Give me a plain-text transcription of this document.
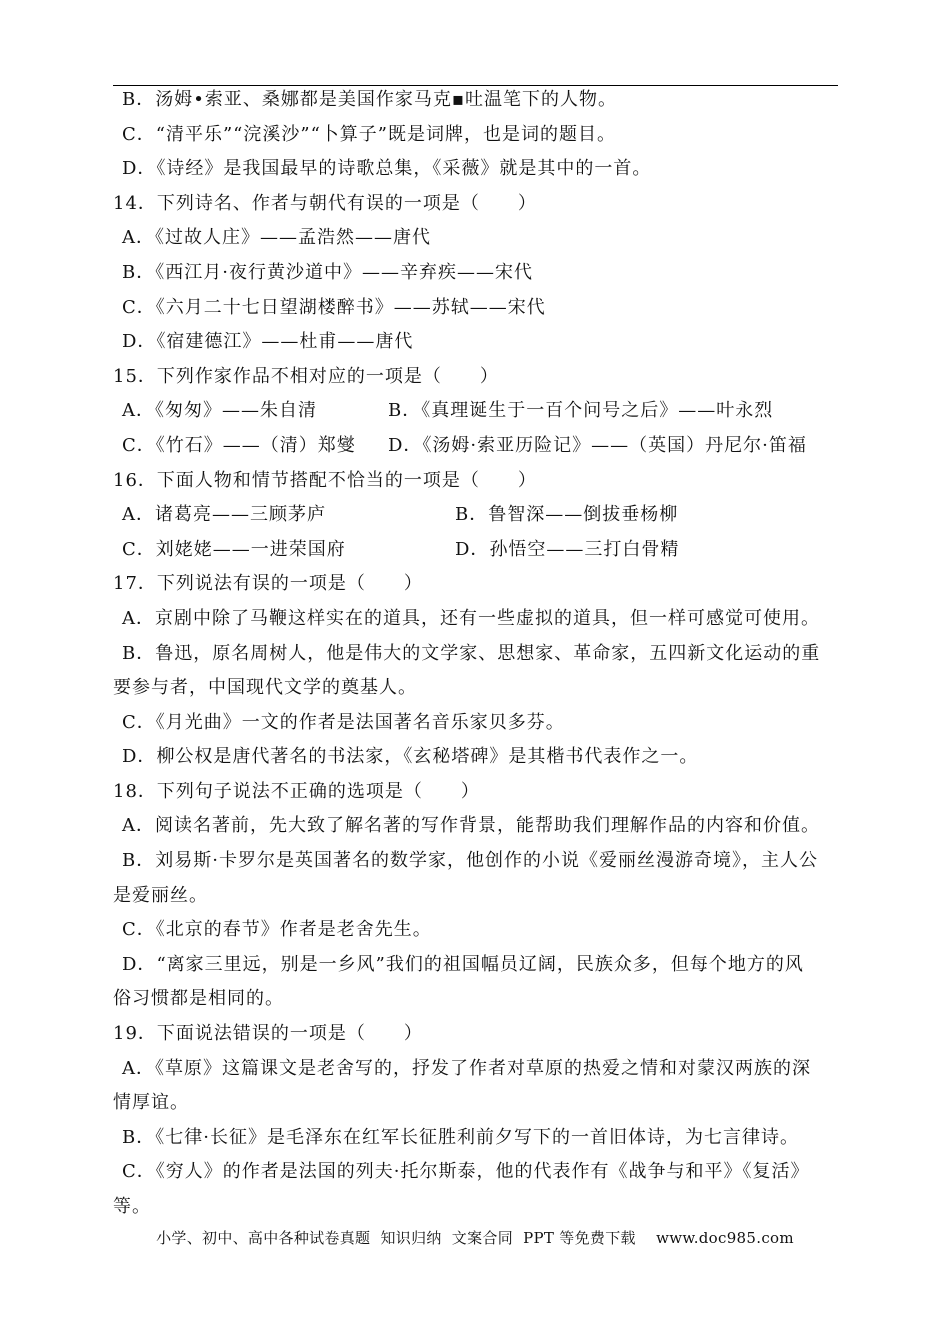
B．汤姆•索亚、桑娜都是美国作家马克▪吐温笔下的人物。
C．“清平乐”“浣溪沙”“卜算子”既是词牌，也是词的题目。
D．《诗经》是我国最早的诗歌总集，《采薇》就是其中的一首。
14．下列诗名、作者与朝代有误的一项是（　　）
A．《过故人庄》——孟浩然——唐代
B．《西江月·夜行黄沙道中》——辛弃疾——宋代
C．《六月二十七日望湖楼醉书》——苏轼——宋代
D．《宿建德江》——杜甫——唐代
15．下列作家作品不相对应的一项是（　　）
A．《匆匆》——朱自清	B．《真理诞生于一百个问号之后》——叶永烈
C．《竹石》——（清）郑燮 D．《汤姆·索亚历险记》——（英国）丹尼尔·笛福
16．下面人物和情节搭配不恰当的一项是（　　）
A．诸葛亮——三顾茅庐	B．鲁智深——倒拔垂杨柳
C．刘姥姥——一进荣国府	D．孙悟空——三打白骨精
17．下列说法有误的一项是（　　）
A．京剧中除了马鞭这样实在的道具，还有一些虚拟的道具，但一样可感觉可使用。
B．鲁迅，原名周树人，他是伟大的文学家、思想家、革命家，五四新文化运动的重
要参与者，中国现代文学的奠基人。
C．《月光曲》一文的作者是法国著名音乐家贝多芬。
D．柳公权是唐代著名的书法家，《玄秘塔碑》是其楷书代表作之一。
18．下列句子说法不正确的选项是（　　）
A．阅读名著前，先大致了解名著的写作背景，能帮助我们理解作品的内容和价值。
B．刘易斯·卡罗尔是英国著名的数学家，他创作的小说《爱丽丝漫游奇境》，主人公
是爱丽丝。
C．《北京的春节》作者是老舍先生。
D．“离家三里远，别是一乡风”我们的祖国幅员辽阔，民族众多，但每个地方的风
俗习惯都是相同的。
19．下面说法错误的一项是（　　）
A．《草原》这篇课文是老舍写的，抒发了作者对草原的热爱之情和对蒙汉两族的深
情厚谊。
B．《七律·长征》是毛泽东在红军长征胜利前夕写下的一首旧体诗，为七言律诗。
C．《穷人》的作者是法国的列夫·托尔斯泰，他的代表作有《战争与和平》《复活》
等。
小学、初中、高中各种试卷真题  知识归纳  文案合同  PPT 等免费下载    www.doc985.com
